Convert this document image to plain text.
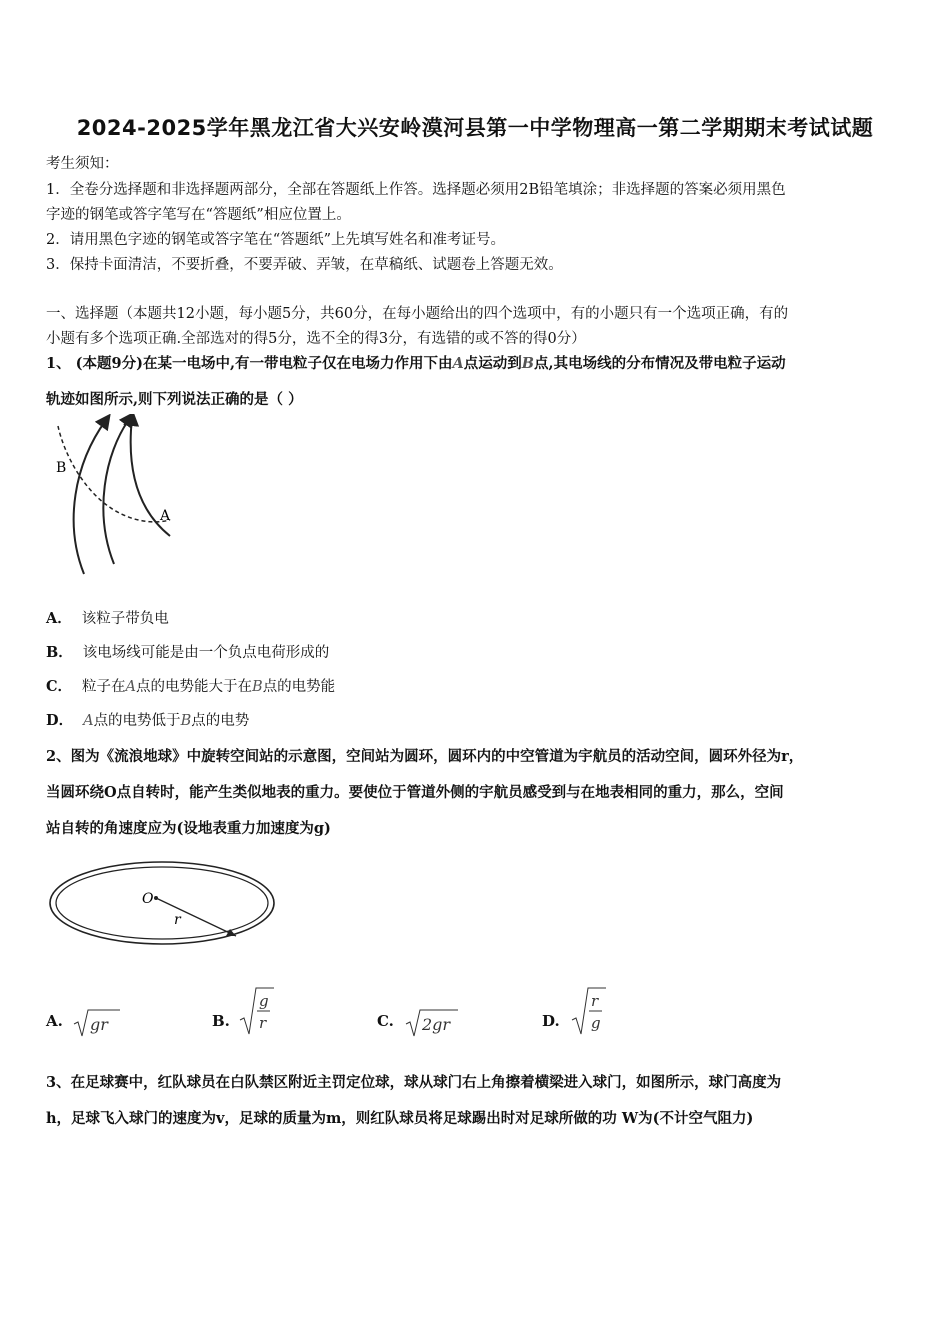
2024-2025学年黑龙江省大兴安岭漠河县第一中学物理高一第二学期期末考试试题
考生须知：
1．全卷分选择题和非选择题两部分，全部在答题纸上作答。选择题必须用2B铅笔填涂；非选择题的答案必须用黑色
字迹的钢笔或答字笔写在“答题纸”相应位置上。
2．请用黑色字迹的钢笔或答字笔在“答题纸”上先填写姓名和准考证号。
3．保持卡面清洁，不要折叠，不要弄破、弄皱，在草稿纸、试题卷上答题无效。
一、选择题（本题共12小题，每小题5分，共60分，在每小题给出的四个选项中，有的小题只有一个选项正确，有的
小题有多个选项正确.全部选对的得5分，选不全的得3分，有选错的或不答的得0分）
1、 (本题9分)在某一电场中,有一带电粒子仅在电场力作用下由A点运动到B点,其电场线的分布情况及带电粒子运动
轨迹如图所示,则下列说法正确的是（ ）
B
A
A． 该粒子带负电
B． 该电场线可能是由一个负点电荷形成的
C． 粒子在A点的电势能大于在B点的电势能
D． A点的电势低于B点的电势
2、图为《流浪地球》中旋转空间站的示意图，空间站为圆环，圆环内的中空管道为宇航员的活动空间，圆环外径为r，
当圆环绕O点自转时，能产生类似地表的重力。要使位于管道外侧的宇航员感受到与在地表相同的重力，那么，空间
站自转的角速度应为(设地表重力加速度为g)
O
r
A. gr	B.
g
r	C. 2gr	D.
r
g
3、在足球赛中，红队球员在白队禁区附近主罚定位球，球从球门右上角擦着横梁进入球门，如图所示，球门高度为
h，足球飞入球门的速度为v，足球的质量为m，则红队球员将足球踢出时对足球所做的功 W为(不计空气阻力)
